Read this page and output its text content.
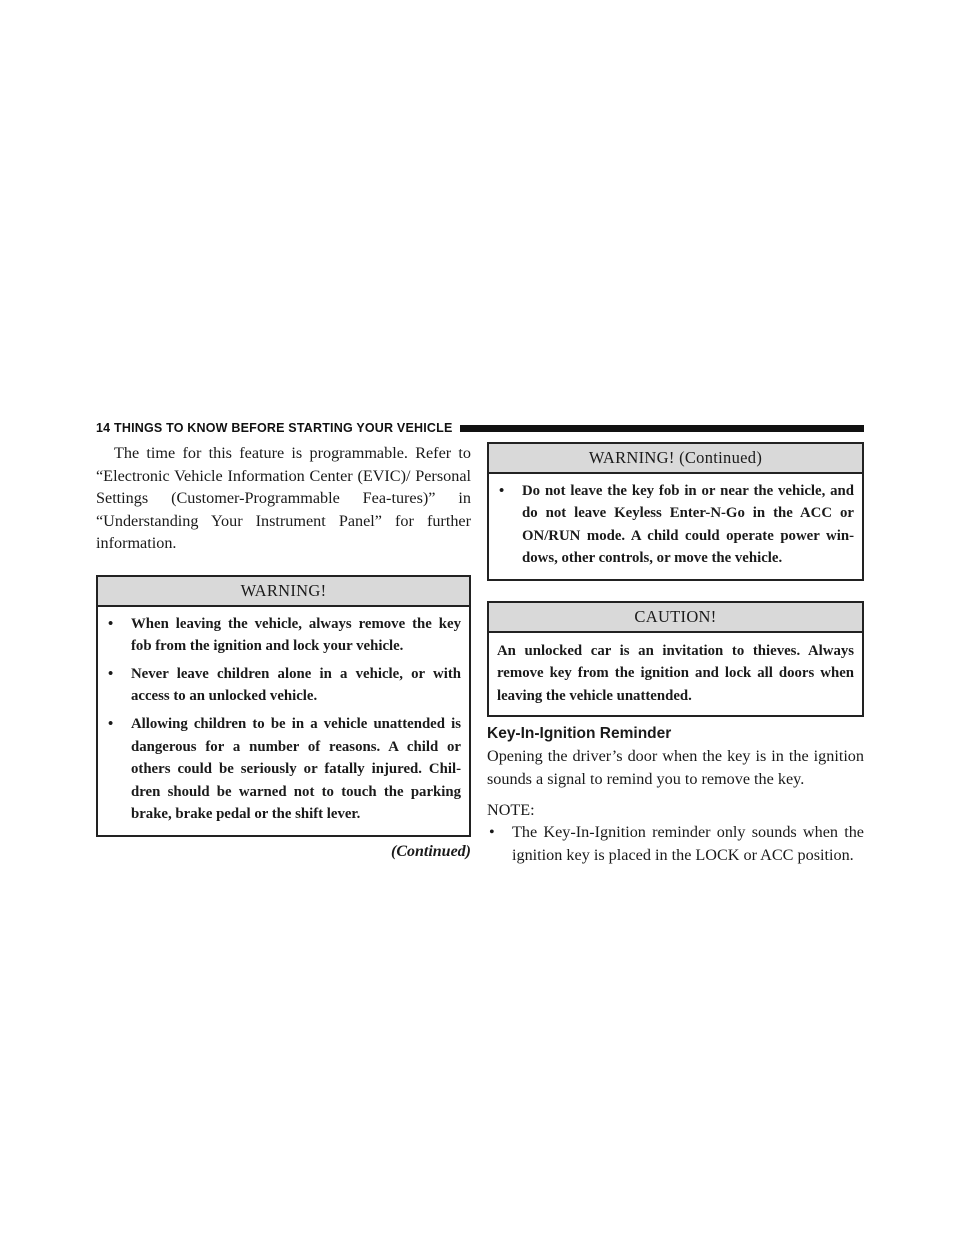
14 THINGS TO KNOW BEFORE STARTING YOUR VEHICLE

The time for this feature is programmable. Refer to “Electronic Vehicle Information Center (EVIC)/ Personal Settings (Customer-Programmable Fea-tures)” in “Understanding Your Instrument Panel” for further information.

WARNING!
• When leaving the vehicle, always remove the key fob from the ignition and lock your vehicle.
• Never leave children alone in a vehicle, or with access to an unlocked vehicle.
• Allowing children to be in a vehicle unattended is dangerous for a number of reasons. A child or others could be seriously or fatally injured. Chil-dren should be warned not to touch the parking brake, brake pedal or the shift lever.
(Continued)
WARNING! (Continued)
• Do not leave the key fob in or near the vehicle, and do not leave Keyless Enter-N-Go in the ACC or ON/RUN mode. A child could operate power win-dows, other controls, or move the vehicle.
CAUTION!
An unlocked car is an invitation to thieves. Always remove key from the ignition and lock all doors when leaving the vehicle unattended.
Key-In-Ignition Reminder

Opening the driver’s door when the key is in the ignition sounds a signal to remind you to remove the key.

NOTE:

• The Key-In-Ignition reminder only sounds when the ignition key is placed in the LOCK or ACC position.
